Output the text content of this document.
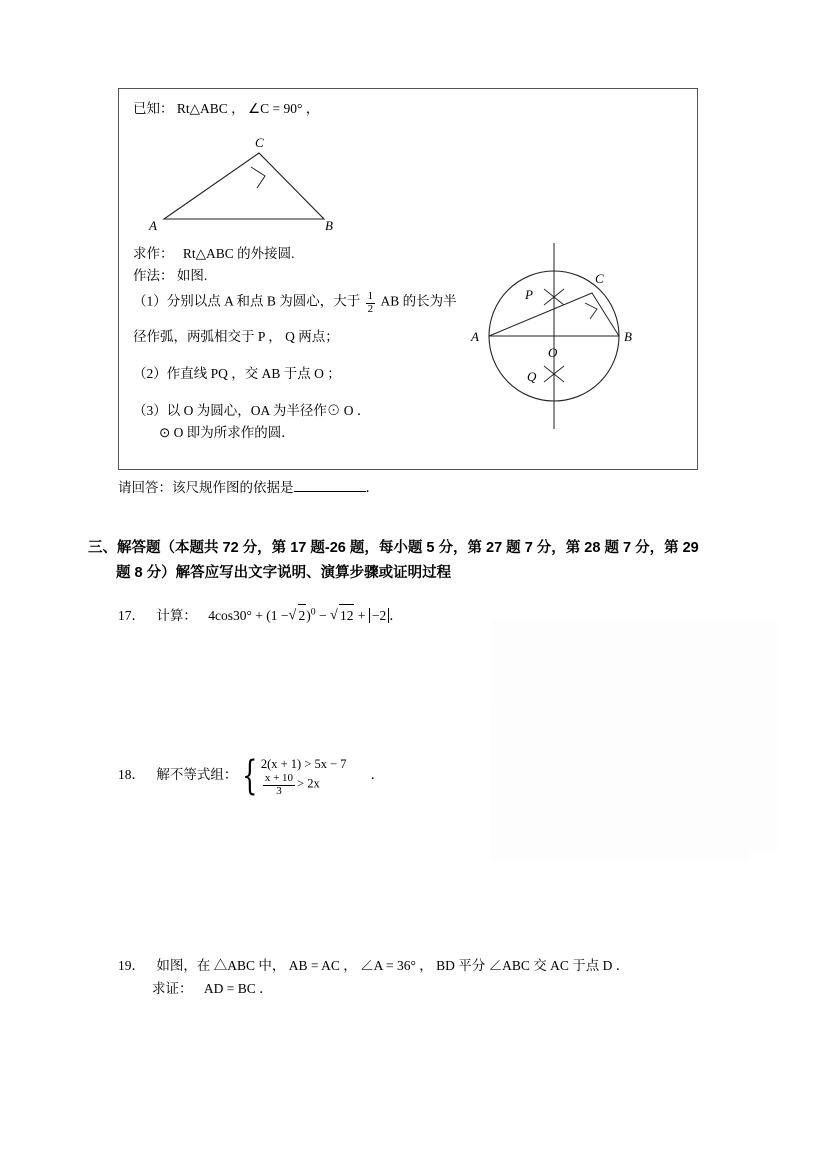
已知： Rt△ABC ， ∠C = 90° ，
A	B
C
求作： Rt△ABC 的外接圆.
作法： 如图.
（1）分别以点 A 和点 B 为圆心，大于 $\frac{1}{2}$ AB 的长为半
径作弧，两弧相交于 P ， Q 两点；
（2）作直线 PQ ，交 AB 于点 O ；
（3）以 O 为圆心，OA 为半径作⊙ O ．
⊙ O 即为所求作的圆．
A	B
C
O
P
Q
请回答：该尺规作图的依据是	．
三、解答题（本题共 72 分，第 17 题-26 题，每小题 5 分，第 27 题 7 分，第 28 题 7 分，第 29
题 8 分）解答应写出文字说明、演算步骤或证明过程
17． 计算： 4cos30° + (1 − √ 2)$^0$ − √ 12 + −2 ．
18． 解不等式组： { 2(x + 1) > 5x − 7
$\frac{x + 10}{3} > 2x$
．
19． 如图，在 △ABC 中， AB = AC ， ∠A = 36° ， BD 平分 ∠ABC 交 AC 于点 D ．
求证： AD = BC ．
